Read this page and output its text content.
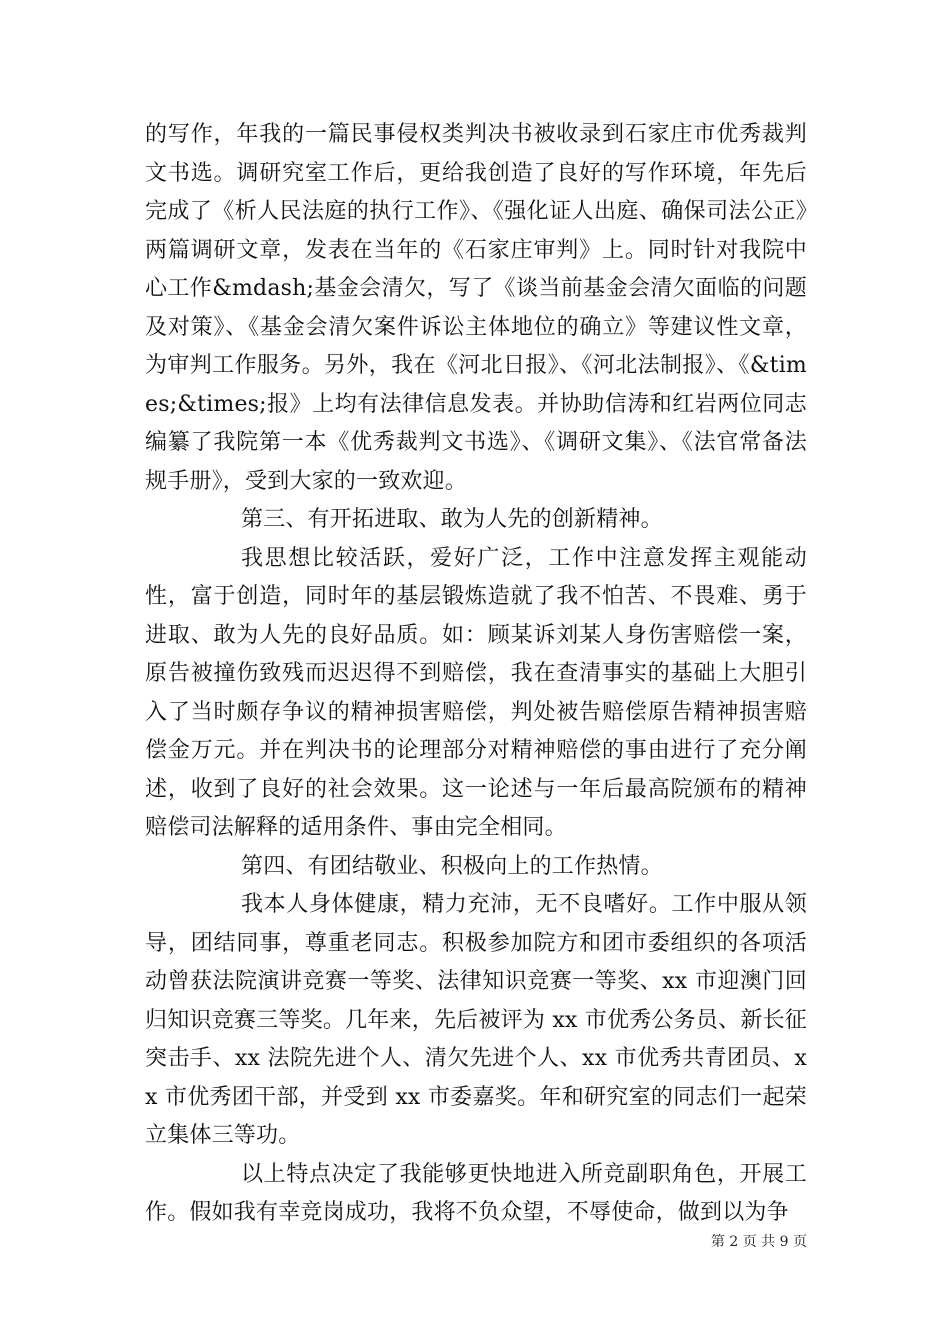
的写作，年我的一篇民事侵权类判决书被收录到石家庄市优秀裁判文书选。调研究室工作后，更给我创造了良好的写作环境，年先后完成了《析人民法庭的执行工作》、《强化证人出庭、确保司法公正》两篇调研文章，发表在当年的《石家庄审判》上。同时针对我院中心工作&mdash;基金会清欠，写了《谈当前基金会清欠面临的问题及对策》、《基金会清欠案件诉讼主体地位的确立》等建议性文章，为审判工作服务。另外，我在《河北日报》、《河北法制报》、《&times;&times;报》上均有法律信息发表。并协助信涛和红岩两位同志编纂了我院第一本《优秀裁判文书选》、《调研文集》、《法官常备法规手册》，受到大家的一致欢迎。

第三、有开拓进取、敢为人先的创新精神。

我思想比较活跃，爱好广泛，工作中注意发挥主观能动性，富于创造，同时年的基层锻炼造就了我不怕苦、不畏难、勇于进取、敢为人先的良好品质。如：顾某诉刘某人身伤害赔偿一案，原告被撞伤致残而迟迟得不到赔偿，我在查清事实的基础上大胆引入了当时颇存争议的精神损害赔偿，判处被告赔偿原告精神损害赔偿金万元。并在判决书的论理部分对精神赔偿的事由进行了充分阐述，收到了良好的社会效果。这一论述与一年后最高院颁布的精神赔偿司法解释的适用条件、事由完全相同。

第四、有团结敬业、积极向上的工作热情。

我本人身体健康，精力充沛，无不良嗜好。工作中服从领导，团结同事，尊重老同志。积极参加院方和团市委组织的各项活动曾获法院演讲竞赛一等奖、法律知识竞赛一等奖、xx 市迎澳门回归知识竞赛三等奖。几年来，先后被评为 xx 市优秀公务员、新长征突击手、xx 法院先进个人、清欠先进个人、xx 市优秀共青团员、xx 市优秀团干部，并受到 xx 市委嘉奖。年和研究室的同志们一起荣立集体三等功。

以上特点决定了我能够更快地进入所竞副职角色，开展工作。假如我有幸竞岗成功，我将不负众望，不辱使命，做到以为争

第 2 页 共 9 页
